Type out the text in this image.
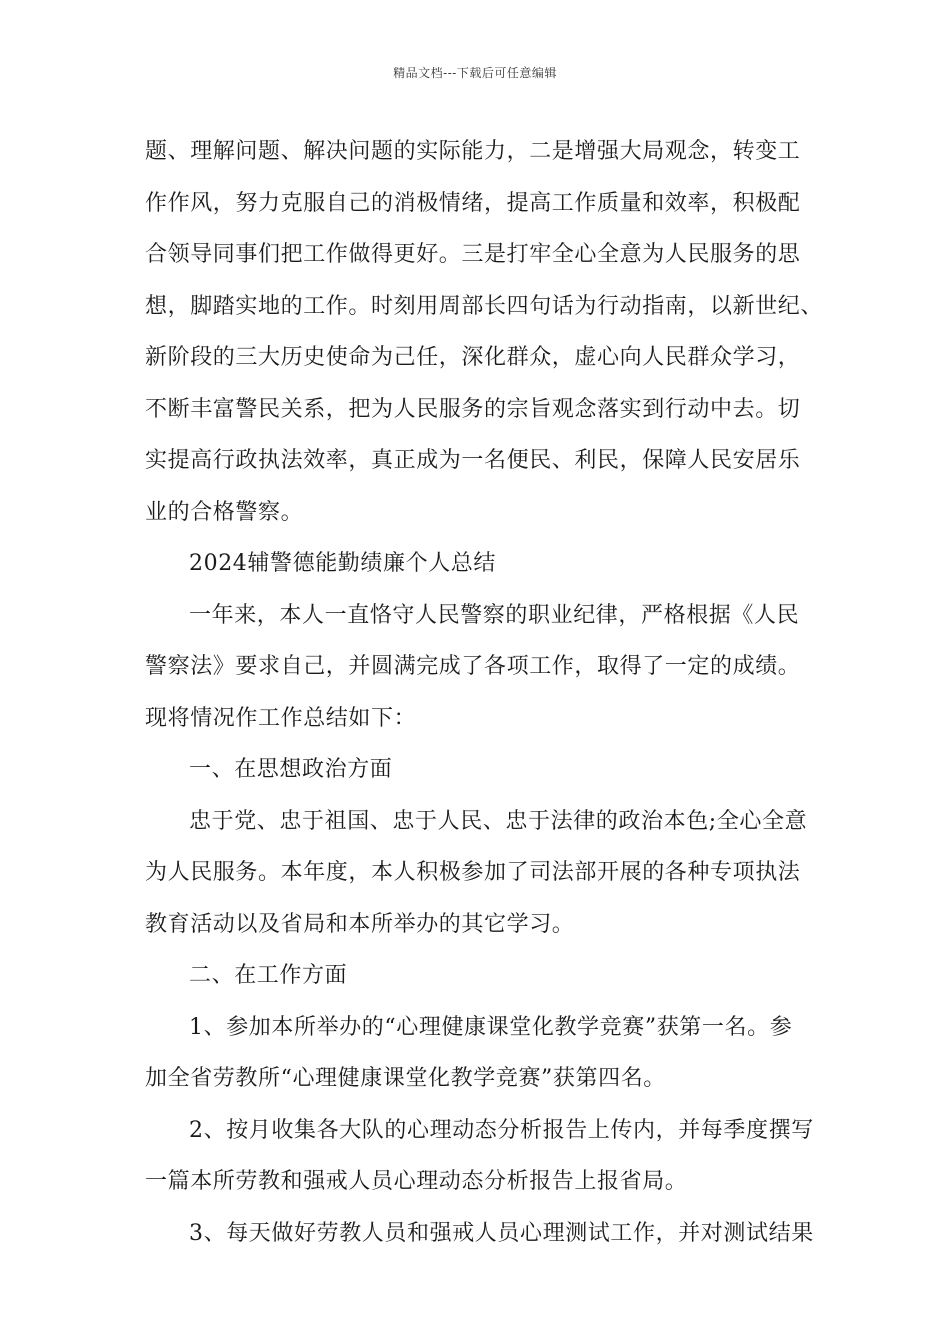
精品文档---下载后可任意编辑
题、理解问题、解决问题的实际能力，二是增强大局观念，转变工
作作风，努力克服自己的消极情绪，提高工作质量和效率，积极配
合领导同事们把工作做得更好。三是打牢全心全意为人民服务的思
想，脚踏实地的工作。时刻用周部长四句话为行动指南，以新世纪、
新阶段的三大历史使命为己任，深化群众，虚心向人民群众学习，
不断丰富警民关系，把为人民服务的宗旨观念落实到行动中去。切
实提高行政执法效率，真正成为一名便民、利民，保障人民安居乐
业的合格警察。
2024辅警德能勤绩廉个人总结
一年来，本人一直恪守人民警察的职业纪律，严格根据《人民
警察法》要求自己，并圆满完成了各项工作，取得了一定的成绩。
现将情况作工作总结如下：
一、在思想政治方面
忠于党、忠于祖国、忠于人民、忠于法律的政治本色;全心全意
为人民服务。本年度，本人积极参加了司法部开展的各种专项执法
教育活动以及省局和本所举办的其它学习。
二、在工作方面
1、参加本所举办的“心理健康课堂化教学竞赛”获第一名。参
加全省劳教所“心理健康课堂化教学竞赛”获第四名。
2、按月收集各大队的心理动态分析报告上传内，并每季度撰写
一篇本所劳教和强戒人员心理动态分析报告上报省局。
3、每天做好劳教人员和强戒人员心理测试工作，并对测试结果
